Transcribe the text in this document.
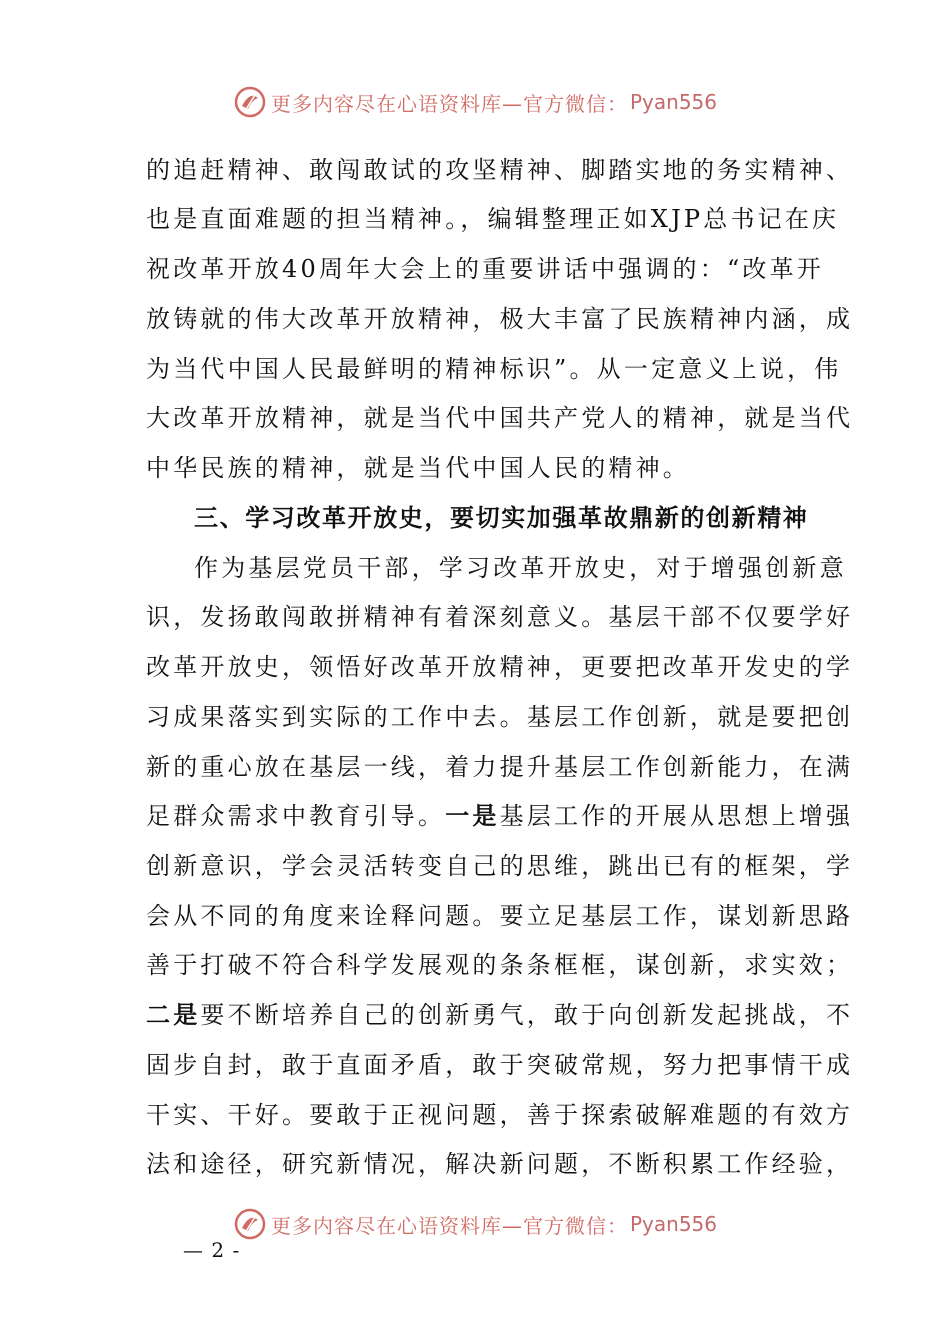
更多内容尽在心语资料库—官方微信： Pyan556
的追赶精神、敢闯敢试的攻坚精神、脚踏实地的务实精神、
也是直面难题的担当精神。，编辑整理正如XJP总书记在庆
祝改革开放40周年大会上的重要讲话中强调的：“改革开
放铸就的伟大改革开放精神，极大丰富了民族精神内涵，成
为当代中国人民最鲜明的精神标识”。从一定意义上说，伟
大改革开放精神，就是当代中国共产党人的精神，就是当代
中华民族的精神，就是当代中国人民的精神。
三、学习改革开放史，要切实加强革故鼎新的创新精神
作为基层党员干部，学习改革开放史，对于增强创新意
识，发扬敢闯敢拼精神有着深刻意义。基层干部不仅要学好
改革开放史，领悟好改革开放精神，更要把改革开发史的学
习成果落实到实际的工作中去。基层工作创新，就是要把创
新的重心放在基层一线，着力提升基层工作创新能力，在满
足群众需求中教育引导。一是基层工作的开展从思想上增强
创新意识，学会灵活转变自己的思维，跳出已有的框架，学
会从不同的角度来诠释问题。要立足基层工作，谋划新思路
善于打破不符合科学发展观的条条框框，谋创新，求实效；
二是要不断培养自己的创新勇气，敢于向创新发起挑战，不
固步自封，敢于直面矛盾，敢于突破常规，努力把事情干成
干实、干好。要敢于正视问题，善于探索破解难题的有效方
法和途径，研究新情况，解决新问题，不断积累工作经验，
更多内容尽在心语资料库—官方微信： Pyan556
— 2 -
